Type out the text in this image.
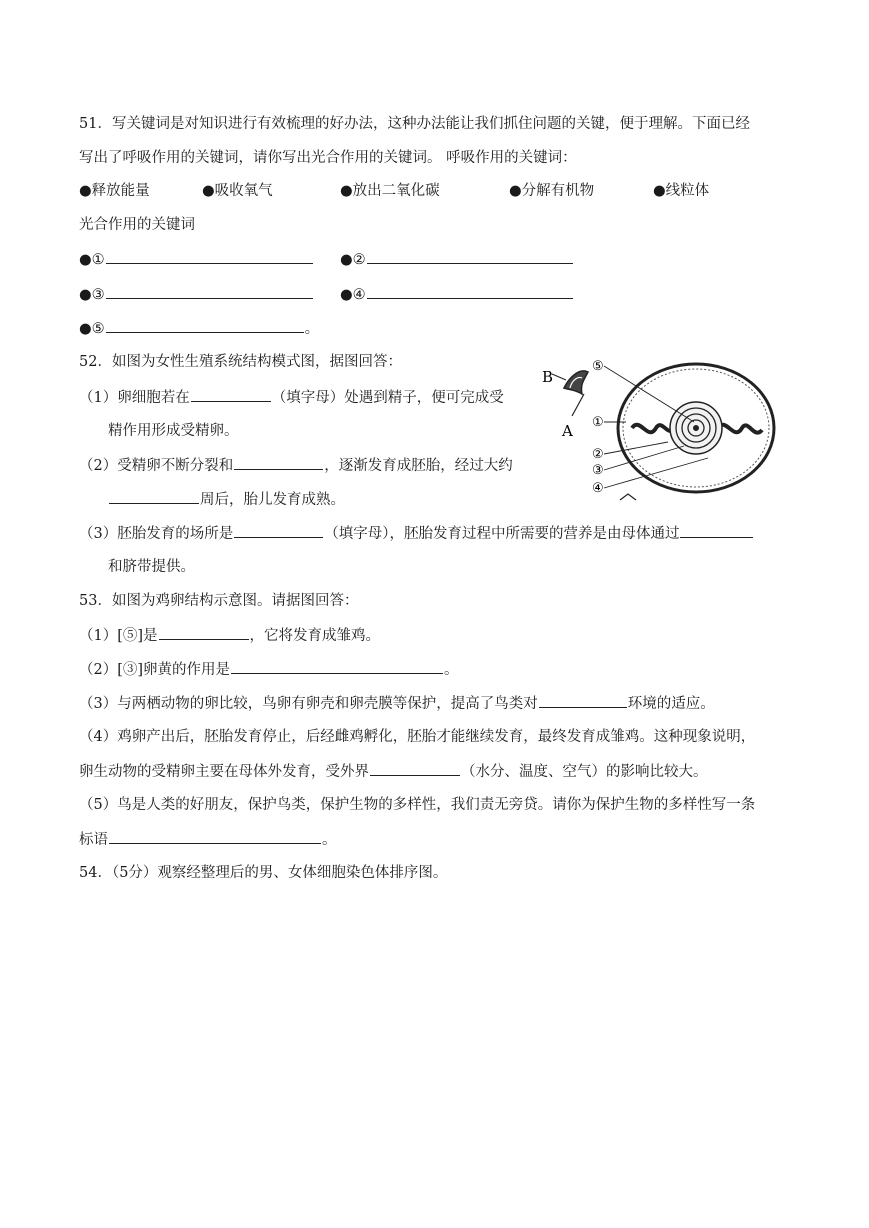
51．写关键词是对知识进行有效梳理的好办法，这种办法能让我们抓住问题的关键，便于理解。下面已经
写出了呼吸作用的关键词，请你写出光合作用的关键词。 呼吸作用的关键词：
●释放能量	●吸收氧气	●放出二氧化碳	●分解有机物	●线粒体
光合作用的关键词
●①	●②
●③	●④
●⑤	。
52．如图为女性生殖系统结构模式图，据图回答：
（1）卵细胞若在	（填字母）处遇到精子，便可完成受
精作用形成受精卵。
（2）受精卵不断分裂和	，逐渐发育成胚胎，经过大约
周后，胎儿发育成熟。
（3）胚胎发育的场所是	（填字母），胚胎发育过程中所需要的营养是由母体通过
和脐带提供。
B
A
⑤
①
②
③
④
53．如图为鸡卵结构示意图。请据图回答：
（1）[⑤]是	，它将发育成雏鸡。
（2）[③]卵黄的作用是	。
（3）与两栖动物的卵比较，鸟卵有卵壳和卵壳膜等保护，提高了鸟类对	环境的适应。
（4）鸡卵产出后，胚胎发育停止，后经雌鸡孵化，胚胎才能继续发育，最终发育成雏鸡。这种现象说明，
卵生动物的受精卵主要在母体外发育，受外界	（水分、温度、空气）的影响比较大。
（5）鸟是人类的好朋友，保护鸟类，保护生物的多样性，我们责无旁贷。请你为保护生物的多样性写一条
标语	。
54．（5分）观察经整理后的男、女体细胞染色体排序图。
